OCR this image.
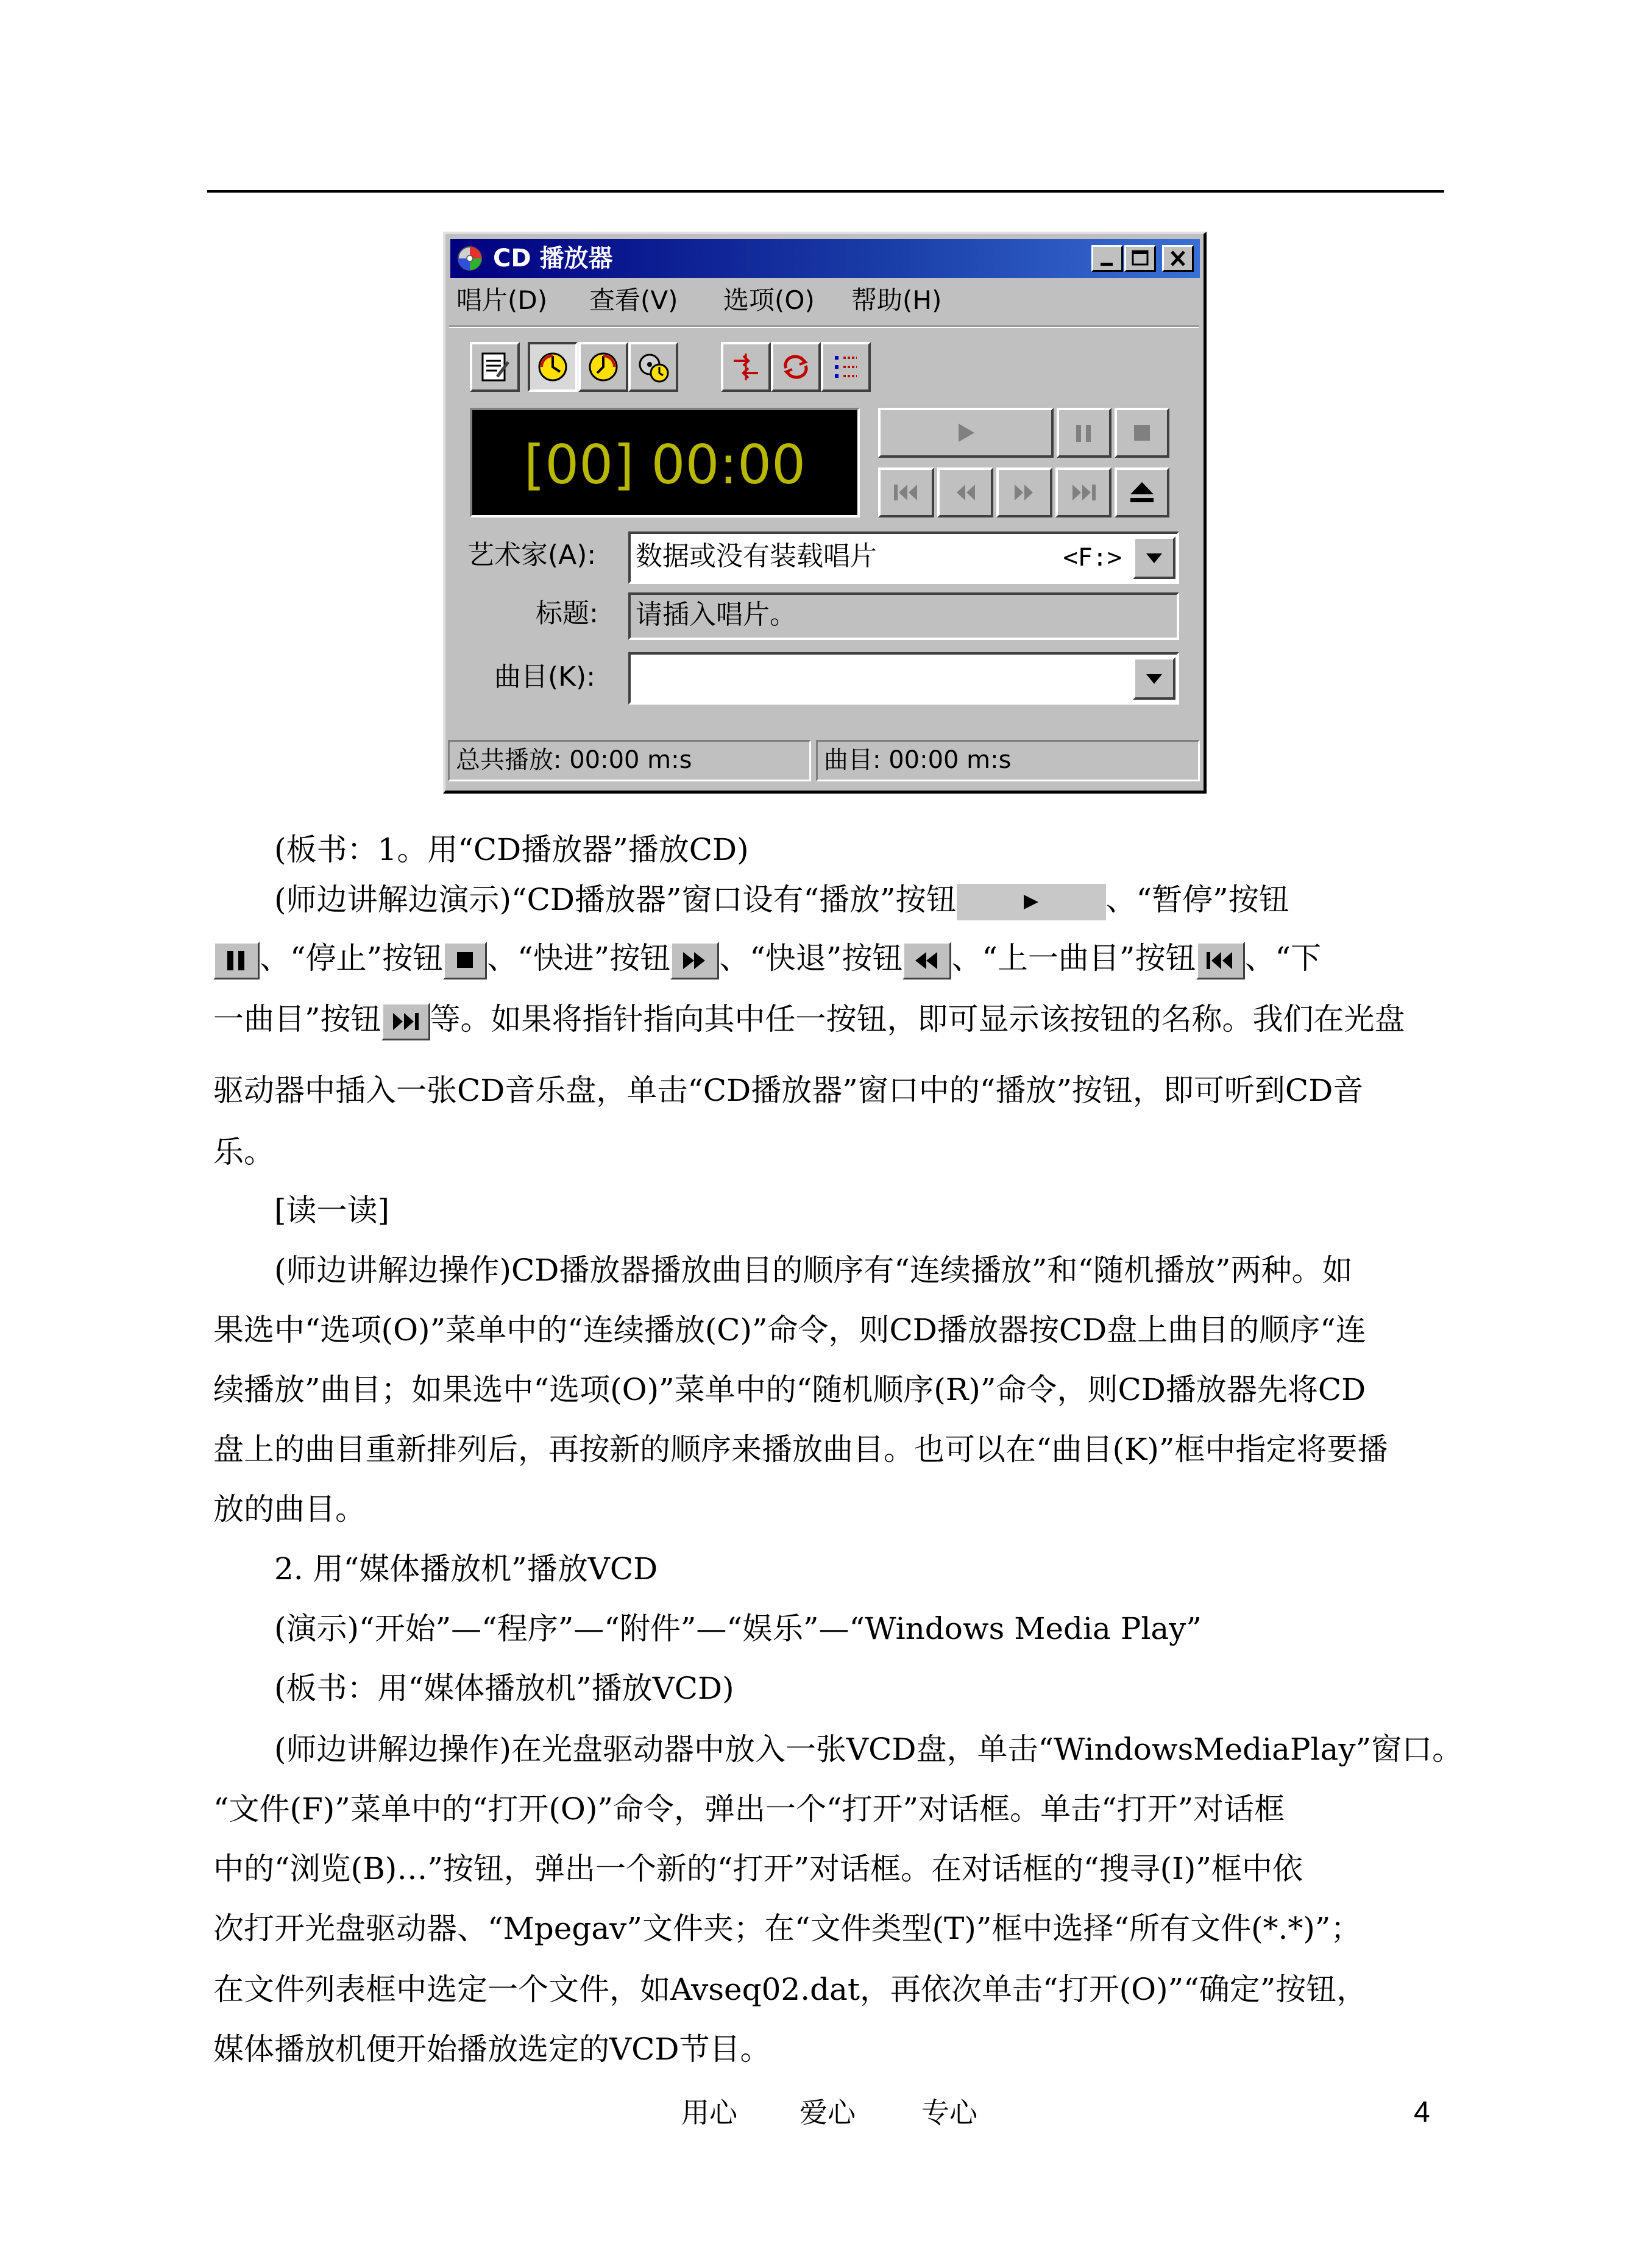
CD 播放器
唱片(D) 查看(V) 选项(O) 帮助(H)
[00] 00:00
艺术家(A): 数据或没有装载唱片	<F:>
标题: 请插入唱片。
曲目(K):
总共播放: 00:00 m:s	曲目: 00:00 m:s
(板书：1。用“CD播放器”播放CD)
(师边讲解边演示)“CD播放器”窗口设有“播放”按钮	、“暂停”按钮
、“停止”按钮 、“快进”按钮 、“快退”按钮 、“上一曲目”按钮 、“下
一曲目”按钮 等。如果将指针指向其中任一按钮，即可显示该按钮的名称。我们在光盘
驱动器中插入一张CD音乐盘，单击“CD播放器”窗口中的“播放”按钮，即可听到CD音
乐。
[读一读]
(师边讲解边操作)CD播放器播放曲目的顺序有“连续播放”和“随机播放”两种。如
果选中“选项(O)”菜单中的“连续播放(C)”命令，则CD播放器按CD盘上曲目的顺序“连
续播放”曲目；如果选中“选项(O)”菜单中的“随机顺序(R)”命令，则CD播放器先将CD
盘上的曲目重新排列后，再按新的顺序来播放曲目。也可以在“曲目(K)”框中指定将要播
放的曲目。
2. 用“媒体播放机”播放VCD
(演示)“开始”—“程序”—“附件”—“娱乐”—“Windows Media Play”
(板书：用“媒体播放机”播放VCD)
(师边讲解边操作)在光盘驱动器中放入一张VCD盘，单击“WindowsMediaPlay”窗口。
“文件(F)”菜单中的“打开(O)”命令，弹出一个“打开”对话框。单击“打开”对话框
中的“浏览(B)…”按钮，弹出一个新的“打开”对话框。在对话框的“搜寻(I)”框中依
次打开光盘驱动器、“Mpegav”文件夹；在“文件类型(T)”框中选择“所有文件(*.*)”；
在文件列表框中选定一个文件，如Avseq02.dat，再依次单击“打开(O)”“确定”按钮，
媒体播放机便开始播放选定的VCD节目。
用心 爱心 专心	4
